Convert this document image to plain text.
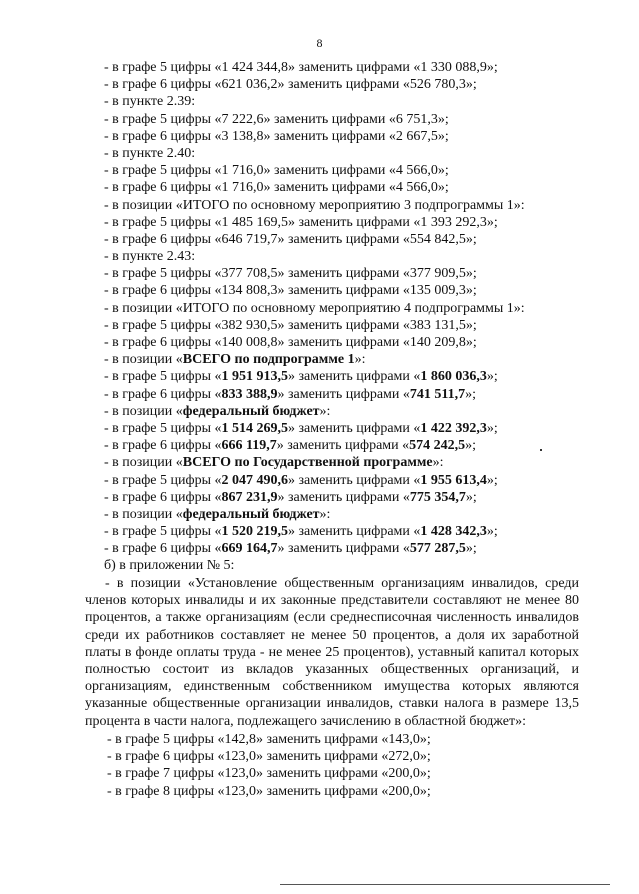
8
- в графе 5 цифры «1 424 344,8» заменить цифрами «1 330 088,9»;
- в графе 6 цифры «621 036,2» заменить цифрами «526 780,3»;
- в пункте 2.39:
- в графе 5 цифры «7 222,6» заменить цифрами «6 751,3»;
- в графе 6 цифры «3 138,8» заменить цифрами «2 667,5»;
- в пункте 2.40:
- в графе 5 цифры «1 716,0» заменить цифрами «4 566,0»;
- в графе 6 цифры «1 716,0» заменить цифрами «4 566,0»;
- в позиции «ИТОГО по основному мероприятию 3 подпрограммы 1»:
- в графе 5 цифры «1 485 169,5» заменить цифрами «1 393 292,3»;
- в графе 6 цифры «646 719,7» заменить цифрами «554 842,5»;
- в пункте 2.43:
- в графе 5 цифры «377 708,5» заменить цифрами «377 909,5»;
- в графе 6 цифры «134 808,3» заменить цифрами «135 009,3»;
- в позиции «ИТОГО по основному мероприятию 4 подпрограммы 1»:
- в графе 5 цифры «382 930,5» заменить цифрами «383 131,5»;
- в графе 6 цифры «140 008,8» заменить цифрами «140 209,8»;
- в позиции «ВСЕГО по подпрограмме 1»:
- в графе 5 цифры «1 951 913,5» заменить цифрами «1 860 036,3»;
- в графе 6 цифры «833 388,9» заменить цифрами «741 511,7»;
- в позиции «федеральный бюджет»:
- в графе 5 цифры «1 514 269,5» заменить цифрами «1 422 392,3»;
- в графе 6 цифры «666 119,7» заменить цифрами «574 242,5»;
- в позиции «ВСЕГО по Государственной программе»:
- в графе 5 цифры «2 047 490,6» заменить цифрами «1 955 613,4»;
- в графе 6 цифры «867 231,9» заменить цифрами «775 354,7»;
- в позиции «федеральный бюджет»:
- в графе 5 цифры «1 520 219,5» заменить цифрами «1 428 342,3»;
- в графе 6 цифры «669 164,7» заменить цифрами «577 287,5»;
б) в приложении № 5:
- в позиции «Установление общественным организациям инвалидов, среди членов которых инвалиды и их законные представители составляют не менее 80 процентов, а также организациям (если среднесписочная численность инвалидов среди их работников составляет не менее 50 процентов, а доля их заработной платы в фонде оплаты труда - не менее 25 процентов), уставный капитал которых полностью состоит из вкладов указанных общественных организаций, и организациям, единственным собственником имущества которых являются указанные общественные организации инвалидов, ставки налога в размере 13,5 процента в части налога, подлежащего зачислению в областной бюджет»:
- в графе 5 цифры «142,8» заменить цифрами «143,0»;
- в графе 6 цифры «123,0» заменить цифрами «272,0»;
- в графе 7 цифры «123,0» заменить цифрами «200,0»;
- в графе 8 цифры «123,0» заменить цифрами «200,0»;
